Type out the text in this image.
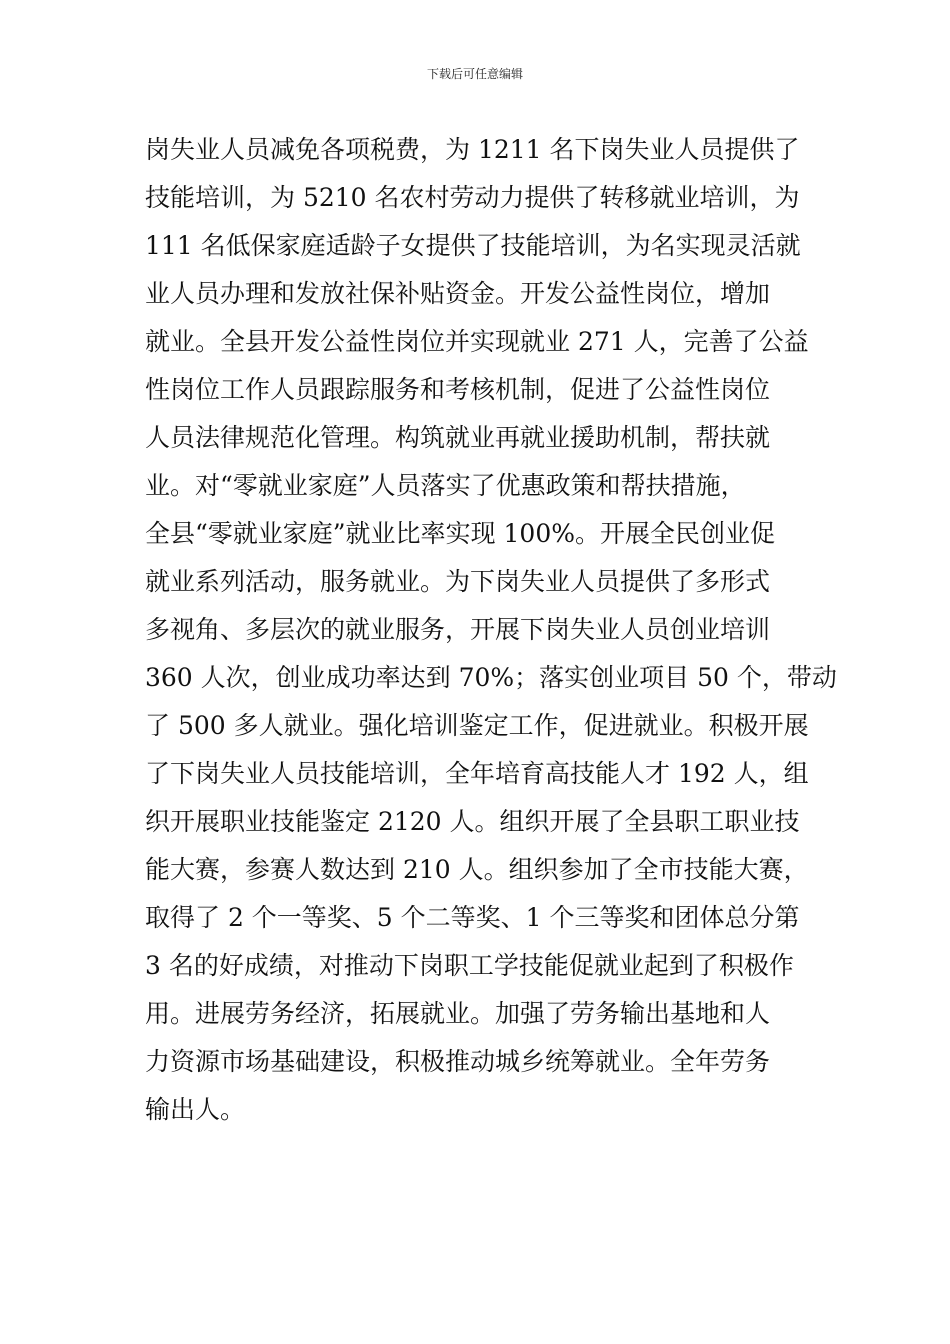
下载后可任意编辑
岗失业人员减免各项税费，为 1211 名下岗失业人员提供了
技能培训，为 5210 名农村劳动力提供了转移就业培训，为
111 名低保家庭适龄子女提供了技能培训，为名实现灵活就
业人员办理和发放社保补贴资金。开发公益性岗位，增加
就业。全县开发公益性岗位并实现就业 271 人，完善了公益
性岗位工作人员跟踪服务和考核机制，促进了公益性岗位
人员法律规范化管理。构筑就业再就业援助机制，帮扶就
业。对“零就业家庭”人员落实了优惠政策和帮扶措施，
全县“零就业家庭”就业比率实现 100%。开展全民创业促
就业系列活动，服务就业。为下岗失业人员提供了多形式
多视角、多层次的就业服务，开展下岗失业人员创业培训
360 人次，创业成功率达到 70%；落实创业项目 50 个，带动
了 500 多人就业。强化培训鉴定工作，促进就业。积极开展
了下岗失业人员技能培训，全年培育高技能人才 192 人，组
织开展职业技能鉴定 2120 人。组织开展了全县职工职业技
能大赛，参赛人数达到 210 人。组织参加了全市技能大赛，
取得了 2 个一等奖、5 个二等奖、1 个三等奖和团体总分第
3 名的好成绩，对推动下岗职工学技能促就业起到了积极作
用。进展劳务经济，拓展就业。加强了劳务输出基地和人
力资源市场基础建设，积极推动城乡统筹就业。全年劳务
输出人。
